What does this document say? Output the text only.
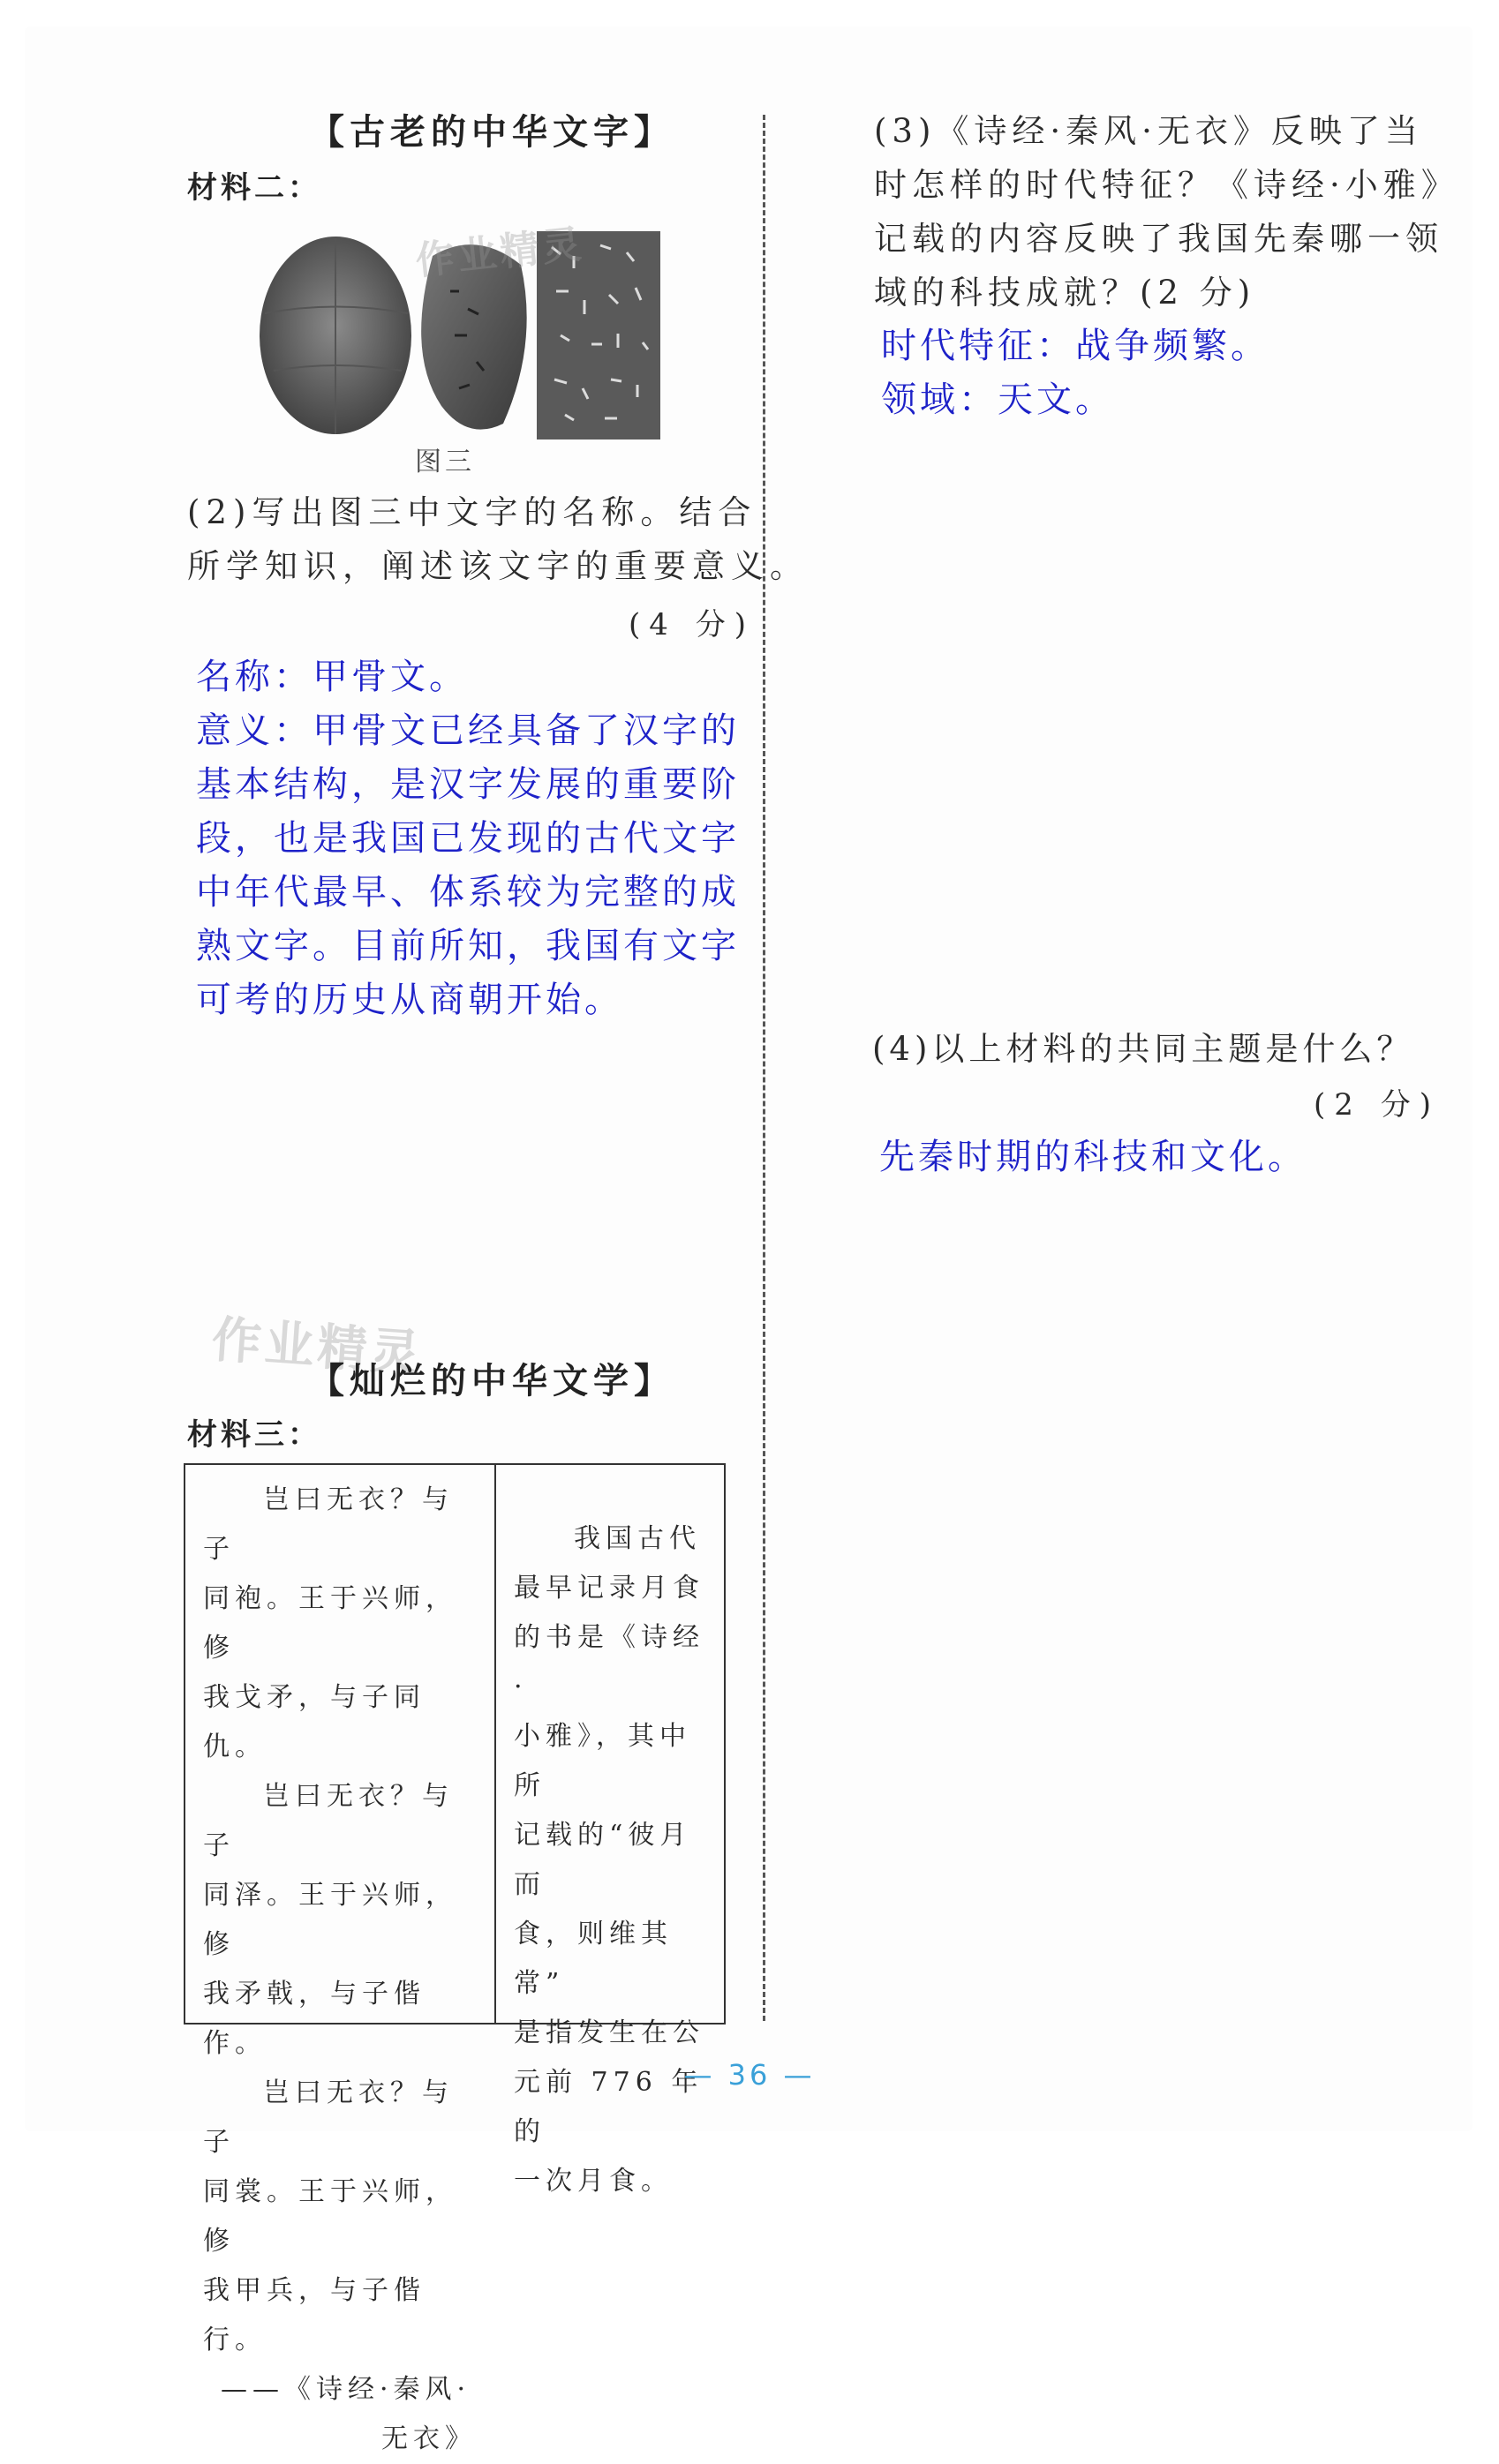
【古老的中华文字】
材料二：
图三
作业精灵
(2)写出图三中文字的名称。结合
所学知识，阐述该文字的重要意义。
(4 分)
名称：甲骨文。
意义：甲骨文已经具备了汉字的
基本结构，是汉字发展的重要阶
段，也是我国已发现的古代文字
中年代最早、体系较为完整的成
熟文字。目前所知，我国有文字
可考的历史从商朝开始。
作业精灵
【灿烂的中华文学】
材料三：
岂曰无衣？与子
同袍。王于兴师，修
我戈矛，与子同仇。
岂曰无衣？与子
同泽。王于兴师，修
我矛戟，与子偕作。
岂曰无衣？与子
同裳。王于兴师，修
我甲兵，与子偕行。
——《诗经·秦风·
无衣》
我国古代
最早记录月食
的书是《诗经·
小雅》，其中所
记载的“彼月而
食，则维其常”
是指发生在公
元前 776 年的
一次月食。
(3)《诗经·秦风·无衣》反映了当
时怎样的时代特征？《诗经·小雅》
记载的内容反映了我国先秦哪一领
域的科技成就？(2 分)
时代特征：战争频繁。
领域：天文。
(4)以上材料的共同主题是什么？
(2 分)
先秦时期的科技和文化。
— 36 —
